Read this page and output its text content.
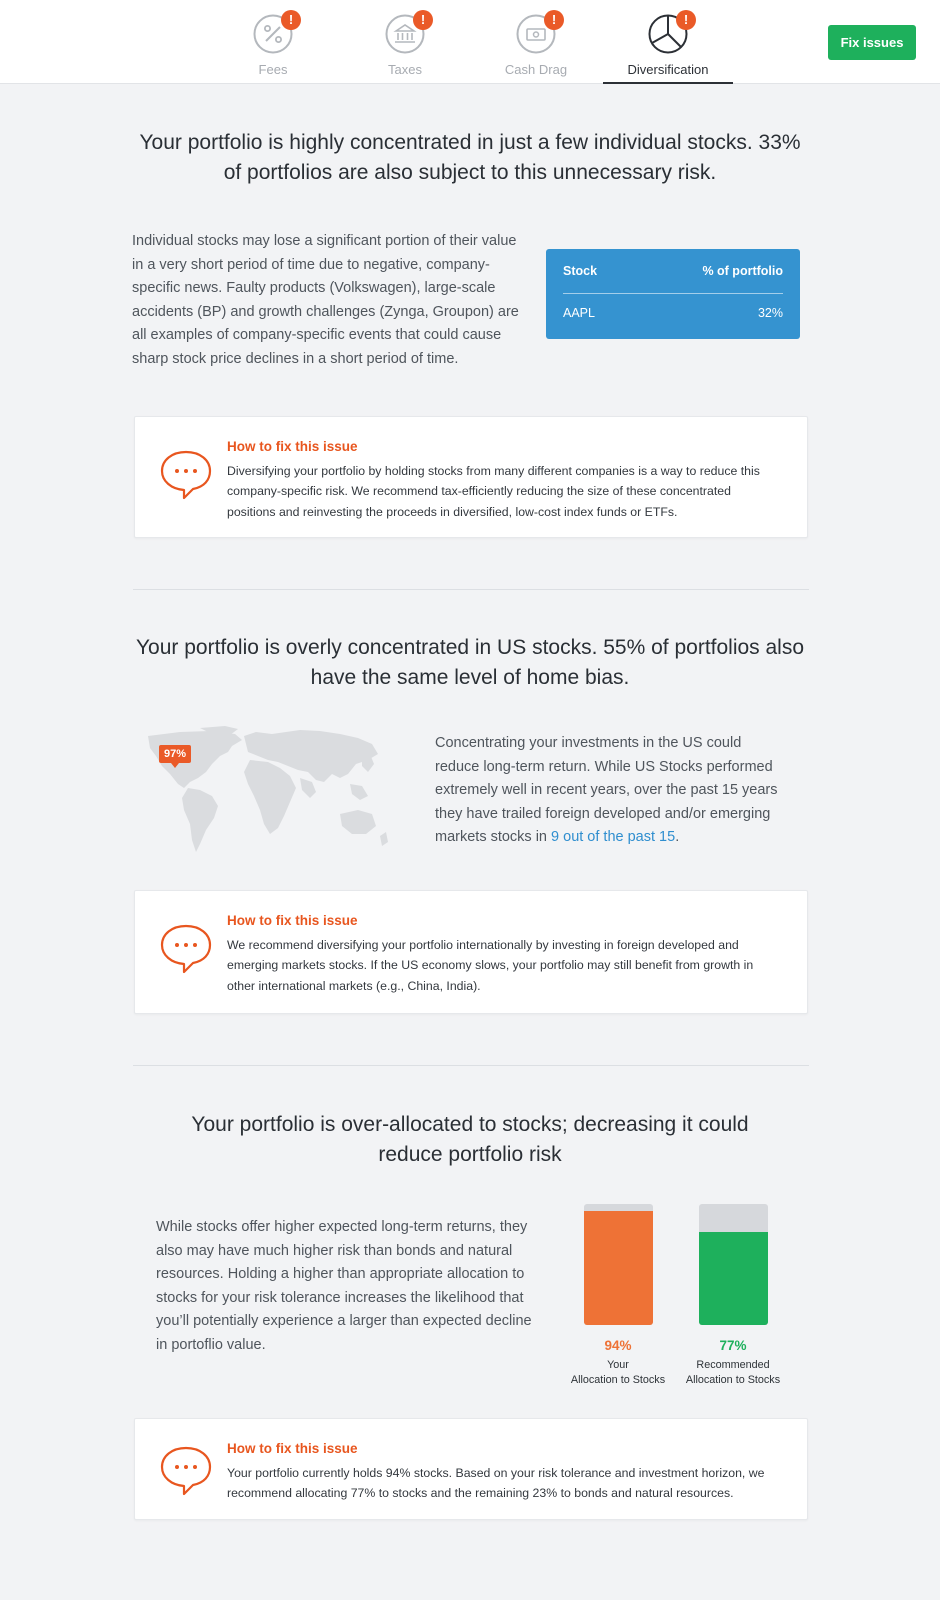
!
Fees
!
Taxes
!
Cash Drag
!
Diversification
Fix issues
Your portfolio is highly concentrated in just a few individual stocks. 33% of portfolios are also subject to this unnecessary risk.
Individual stocks may lose a significant portion of their value in a very short period of time due to negative, company-specific news. Faulty products (Volkswagen), large-scale accidents (BP) and growth challenges (Zynga, Groupon) are all examples of company-specific events that could cause sharp stock price declines in a short period of time.
Stock	% of portfolio
AAPL	32%
How to fix this issue
Diversifying your portfolio by holding stocks from many different companies is a way to reduce this company-specific risk. We recommend tax-efficiently reducing the size of these concentrated positions and reinvesting the proceeds in diversified, low-cost index funds or ETFs.
Your portfolio is overly concentrated in US stocks. 55% of portfolios also have the same level of home bias.
97%
Concentrating your investments in the US could reduce long-term return. While US Stocks performed extremely well in recent years, over the past 15 years they have trailed foreign developed and/or emerging markets stocks in 9 out of the past 15.
How to fix this issue
We recommend diversifying your portfolio internationally by investing in foreign developed and emerging markets stocks. If the US economy slows, your portfolio may still benefit from growth in other international markets (e.g., China, India).
Your portfolio is over-allocated to stocks; decreasing it could reduce portfolio risk
While stocks offer higher expected long-term returns, they also may have much higher risk than bonds and natural resources. Holding a higher than appropriate allocation to stocks for your risk tolerance increases the likelihood that you’ll potentially experience a larger than expected decline in portoflio value.	94%	77%
Your
Allocation to Stocks
Recommended
Allocation to Stocks
How to fix this issue
Your portfolio currently holds 94% stocks. Based on your risk tolerance and investment horizon, we recommend allocating 77% to stocks and the remaining 23% to bonds and natural resources.
